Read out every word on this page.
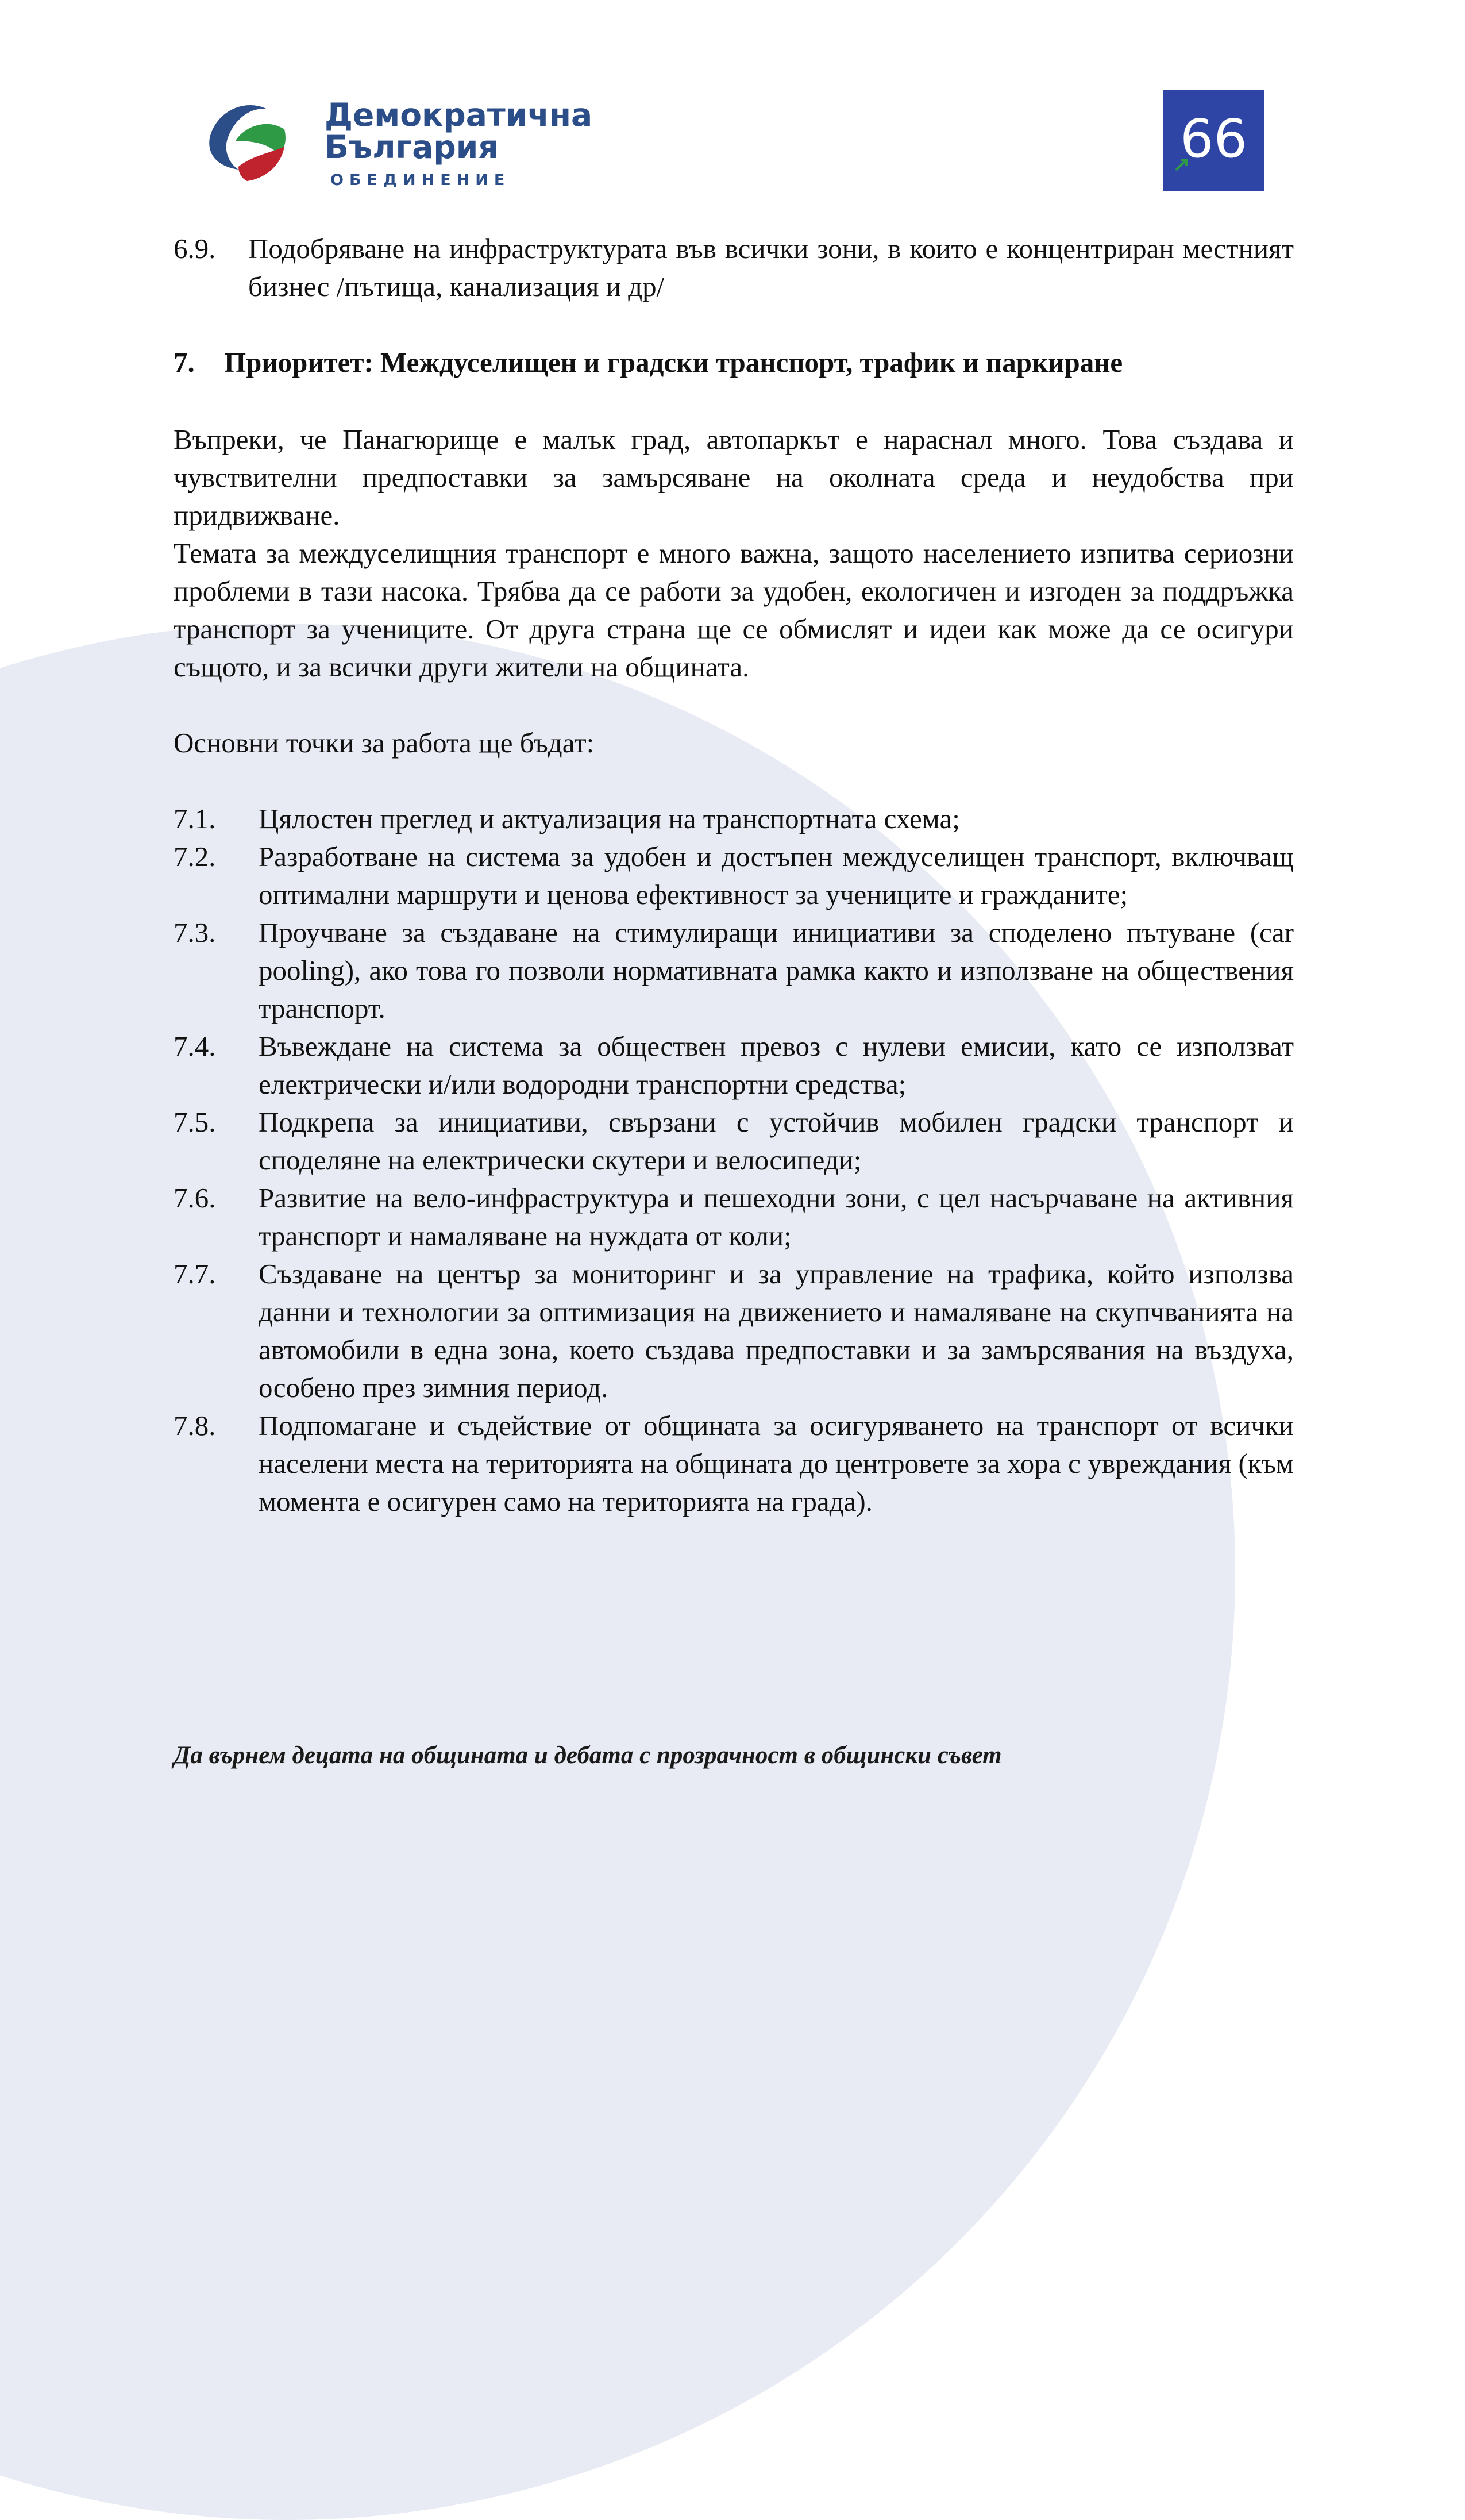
Демократична
България
ОБЕДИНЕНИЕ
66
6.9.	Подобряване на инфраструктурата във всички зони, в които е концентриран местният бизнес /пътища, канализация и др/
7.	Приоритет: Междуселищен и градски транспорт, трафик и паркиране

Въпреки, че Панагюрище е малък град, автопаркът е нараснал много. Това създава и чувствителни предпоставки за замърсяване на околната среда и неудобства при придвижване.

Темата за междуселищния транспорт е много важна, защото населението изпитва сериозни проблеми в тази насока. Трябва да се работи за удобен, екологичен и изгоден за поддръжка транспорт за учениците. От друга страна ще се обмислят и идеи как може да се осигури същото, и за всички други жители на общината.

Основни точки за работа ще бъдат:

7.1.	Цялостен преглед и актуализация на транспортната схема;
7.2.	Разработване на система за удобен и достъпен междуселищен транспорт, включващ оптимални маршрути и ценова ефективност за учениците и гражданите;
7.3.	Проучване за създаване на стимулиращи инициативи за споделено пътуване (car pooling), ако това го позволи нормативната рамка както и използване на обществения транспорт.
7.4.	Въвеждане на система за обществен превоз с нулеви емисии, като се използват електрически и/или водородни транспортни средства;
7.5.	Подкрепа за инициативи, свързани с устойчив мобилен градски транспорт и споделяне на електрически скутери и велосипеди;
7.6.	Развитие на вело-инфраструктура и пешеходни зони, с цел насърчаване на активния транспорт и намаляване на нуждата от коли;
7.7.	Създаване на център за мониторинг и за управление на трафика, който използва данни и технологии за оптимизация на движението и намаляване на скупчванията на автомобили в една зона, което създава предпоставки и за замърсявания на въздуха, особено през зимния период.
7.8.	Подпомагане и съдействие от общината за осигуряването на транспорт от всички населени места на територията на общината до центровете за хора с увреждания (към момента е осигурен само на територията на града).
Да върнем децата на общината и дебата с прозрачност в общински съвет
